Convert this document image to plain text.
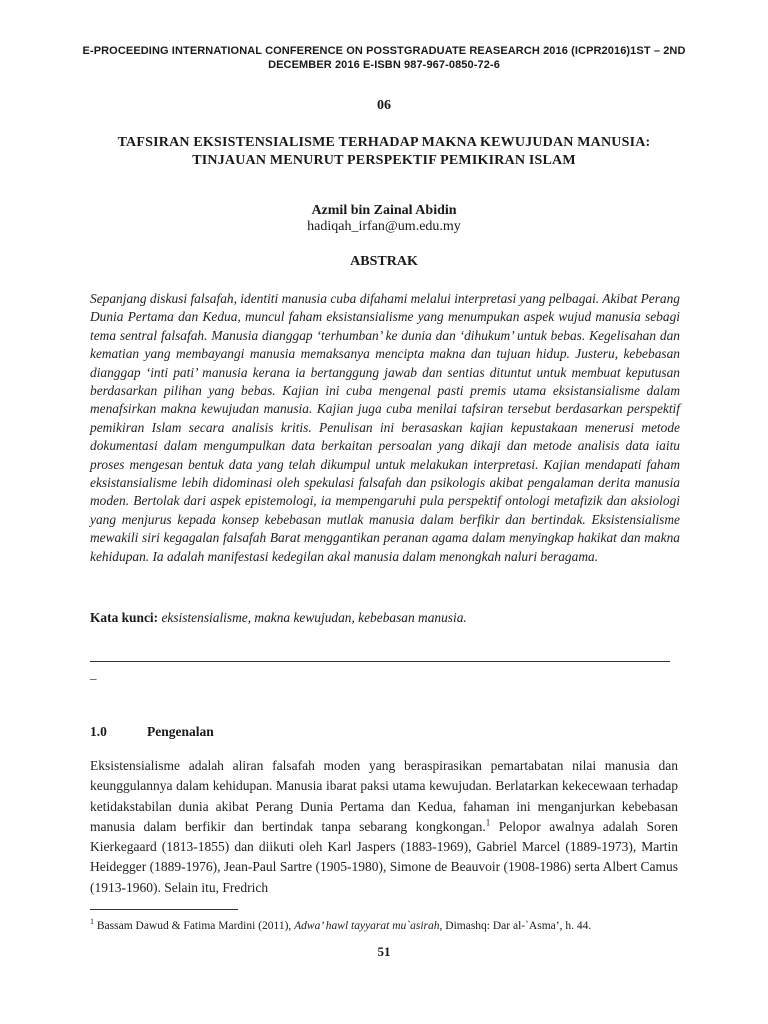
E-PROCEEDING INTERNATIONAL CONFERENCE ON POSSTGRADUATE REASEARCH 2016 (ICPR2016)1ST – 2ND
DECEMBER 2016 E-ISBN 987-967-0850-72-6
06
TAFSIRAN EKSISTENSIALISME TERHADAP MAKNA KEWUJUDAN MANUSIA:
TINJAUAN MENURUT PERSPEKTIF PEMIKIRAN ISLAM
Azmil bin Zainal Abidin
hadiqah_irfan@um.edu.my
ABSTRAK
Sepanjang diskusi falsafah, identiti manusia cuba difahami melalui interpretasi yang pelbagai. Akibat Perang Dunia Pertama dan Kedua, muncul faham eksistansialisme yang menumpukan aspek wujud manusia sebagi tema sentral falsafah. Manusia dianggap ‘terhumban’ ke dunia dan ‘dihukum’ untuk bebas. Kegelisahan dan kematian yang membayangi manusia memaksanya mencipta makna dan tujuan hidup. Justeru, kebebasan dianggap ‘inti pati’ manusia kerana ia bertanggung jawab dan sentias dituntut untuk membuat keputusan berdasarkan pilihan yang bebas. Kajian ini cuba mengenal pasti premis utama eksistansialisme dalam menafsirkan makna kewujudan manusia. Kajian juga cuba menilai tafsiran tersebut berdasarkan perspektif pemikiran Islam secara analisis kritis. Penulisan ini berasaskan kajian kepustakaan menerusi metode dokumentasi dalam mengumpulkan data berkaitan persoalan yang dikaji dan metode analisis data iaitu proses mengesan bentuk data yang telah dikumpul untuk melakukan interpretasi. Kajian mendapati faham eksistansialisme lebih didominasi oleh spekulasi falsafah dan psikologis akibat pengalaman derita manusia moden. Bertolak dari aspek epistemologi, ia mempengaruhi pula perspektif ontologi metafizik dan aksiologi yang menjurus kepada konsep kebebasan mutlak manusia dalam berfikir dan bertindak. Eksistensialisme mewakili siri kegagalan falsafah Barat menggantikan peranan agama dalam menyingkap hakikat dan makna kehidupan. Ia adalah manifestasi kedegilan akal manusia dalam menongkah naluri beragama.
Kata kunci: eksistensialisme, makna kewujudan, kebebasan manusia.
_
1.0	Pengenalan
Eksistensialisme adalah aliran falsafah moden yang beraspirasikan pemartabatan nilai manusia dan keunggulannya dalam kehidupan. Manusia ibarat paksi utama kewujudan. Berlatarkan kekecewaan terhadap ketidakstabilan dunia akibat Perang Dunia Pertama dan Kedua, fahaman ini menganjurkan kebebasan manusia dalam berfikir dan bertindak tanpa sebarang kongkongan.$^1$ Pelopor awalnya adalah Soren Kierkegaard (1813-1855) dan diikuti oleh Karl Jaspers (1883-1969), Gabriel Marcel (1889-1973), Martin Heidegger (1889-1976), Jean-Paul Sartre (1905-1980), Simone de Beauvoir (1908-1986) serta Albert Camus (1913-1960). Selain itu, Fredrich
$^1$ Bassam Dawud & Fatima Mardini (2011), Adwa’ hawl tayyarat mu`asirah, Dimashq: Dar al-`Asma’, h. 44.
51
